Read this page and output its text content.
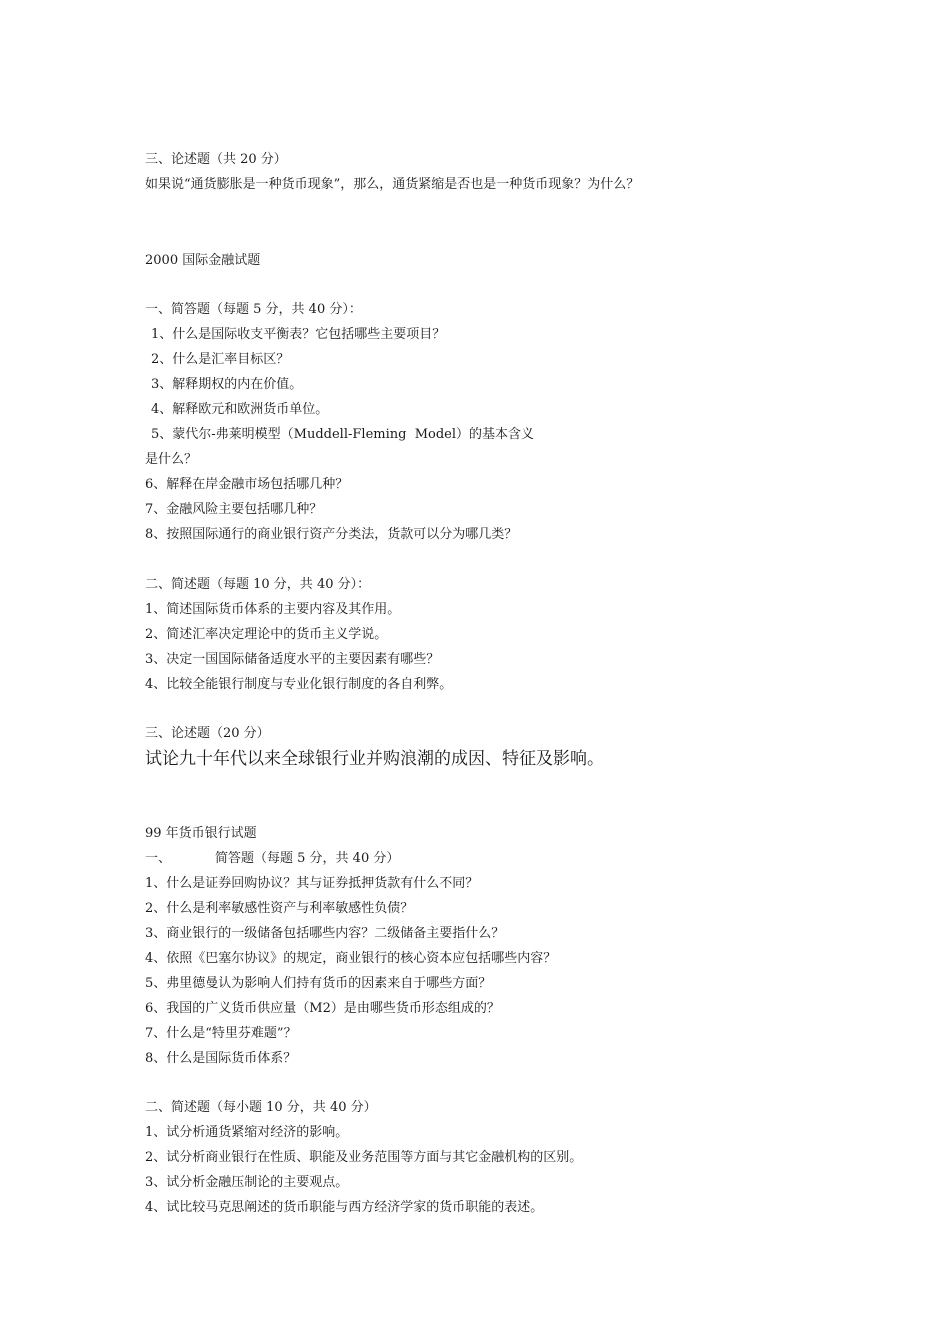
三、论述题（共 20 分）
如果说“通货膨胀是一种货币现象”，那么，通货紧缩是否也是一种货币现象？为什么？
2000 国际金融试题
一、简答题（每题 5 分，共 40 分）：
1、什么是国际收支平衡表？它包括哪些主要项目？
2、什么是汇率目标区？
3、解释期权的内在价值。
4、解释欧元和欧洲货币单位。
5、蒙代尔-弗莱明模型（Muddell-Fleming  Model）的基本含义
是什么？
6、解释在岸金融市场包括哪几种？
7、金融风险主要包括哪几种？
8、按照国际通行的商业银行资产分类法，货款可以分为哪几类？
二、简述题（每题 10 分，共 40 分）：
1、简述国际货币体系的主要内容及其作用。
2、简述汇率决定理论中的货币主义学说。
3、决定一国国际储备适度水平的主要因素有哪些？
4、比较全能银行制度与专业化银行制度的各自利弊。
三、论述题（20 分）
试论九十年代以来全球银行业并购浪潮的成因、特征及影响。
99 年货币银行试题
一、	简答题（每题 5 分，共 40 分）
1、什么是证券回购协议？其与证券抵押货款有什么不同？
2、什么是利率敏感性资产与利率敏感性负债？
3、商业银行的一级储备包括哪些内容？二级储备主要指什么？
4、依照《巴塞尔协议》的规定，商业银行的核心资本应包括哪些内容？
5、弗里德曼认为影响人们持有货币的因素来自于哪些方面？
6、我国的广义货币供应量（M2）是由哪些货币形态组成的？
7、什么是“特里芬难题”？
8、什么是国际货币体系？
二、简述题（每小题 10 分，共 40 分）
1、试分析通货紧缩对经济的影响。
2、试分析商业银行在性质、职能及业务范围等方面与其它金融机构的区别。
3、试分析金融压制论的主要观点。
4、试比较马克思阐述的货币职能与西方经济学家的货币职能的表述。
